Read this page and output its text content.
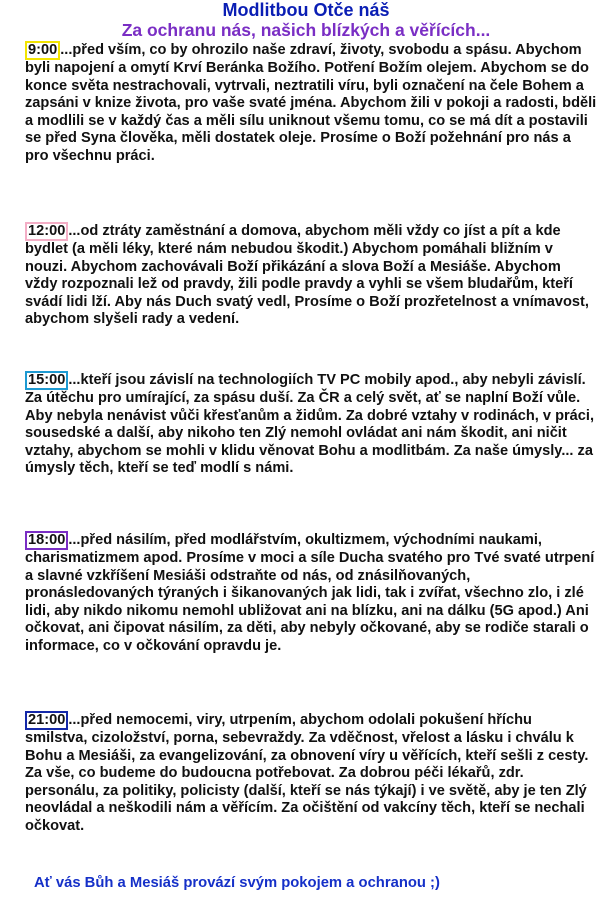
Modlitbou Otče náš
Za ochranu nás, našich blízkých a věřících...
9:00 ...před vším, co by ohrozilo naše zdraví, životy, svobodu a spásu. Abychom byli napojení a omytí Krví Beránka Božího. Potření Božím olejem. Abychom se do konce světa nestrachovali, vytrvali, neztratili víru, byli označení na čele Bohem a zapsáni v knize života, pro vaše svaté jména. Abychom žili v pokoji a radosti, bděli a modlili se v každý čas a měli sílu uniknout všemu tomu, co se má dít a postavili se před Syna člověka, měli dostatek oleje. Prosíme o Boží požehnání pro nás a pro všechnu práci.
12:00 ...od ztráty zaměstnání a domova, abychom měli vždy co jíst a pít a kde bydlet (a měli léky, které nám nebudou škodit.) Abychom pomáhali bližním v nouzi. Abychom zachovávali Boží přikázání a slova Boží a Mesiáše. Abychom vždy rozpoznali lež od pravdy, žili podle pravdy a vyhli se všem bludařům, kteří svádí lidi lží. Aby nás Duch svatý vedl, Prosíme o Boží prozřetelnost a vnímavost, abychom slyšeli rady a vedení.
15:00 ...kteří jsou závislí na technologiích TV PC mobily apod., aby nebyli závislí. Za útěchu pro umírající, za spásu duší. Za ČR a celý svět, ať se naplní Boží vůle. Aby nebyla nenávist vůči křesťanům a židům. Za dobré vztahy v rodinách, v práci, sousedské a další, aby nikoho ten Zlý nemohl ovládat ani nám škodit, ani ničit vztahy, abychom se mohli v klidu věnovat Bohu a modlitbám. Za naše úmysly... za úmysly těch, kteří se teď modlí s námi.
18:00 ...před násilím, před modlářstvím, okultizmem, východními naukami, charismatizmem apod. Prosíme v moci a síle Ducha svatého pro Tvé svaté utrpení a slavné vzkříšení Mesiáši odstraňte od nás, od znásilňovaných, pronásledovaných týraných i šikanovaných jak lidi, tak i zvířat, všechno zlo, i zlé lidi, aby nikdo nikomu nemohl ubližovat ani na blízku, ani na dálku (5G apod.) Ani očkovat, ani čipovat násilím, za děti, aby nebyly očkované, aby se rodiče starali o informace, co v očkování opravdu je.
21:00 ...před nemocemi, viry, utrpením, abychom odolali pokušení hříchu smilstva, cizoložství, porna, sebevraždy. Za vděčnost, vřelost a lásku i chválu k Bohu a Mesiáši, za evangelizování, za obnovení víry u věřících, kteří sešli z cesty. Za vše, co budeme do budoucna potřebovat. Za dobrou péči lékařů, zdr. personálu, za politiky, policisty (další, kteří se nás týkají) i ve světě, aby je ten Zlý neovládal a neškodili nám a věřícím. Za očištění od vakcíny těch, kteří se nechali očkovat.
Ať vás Bůh a Mesiáš provází svým pokojem a ochranou ;)
